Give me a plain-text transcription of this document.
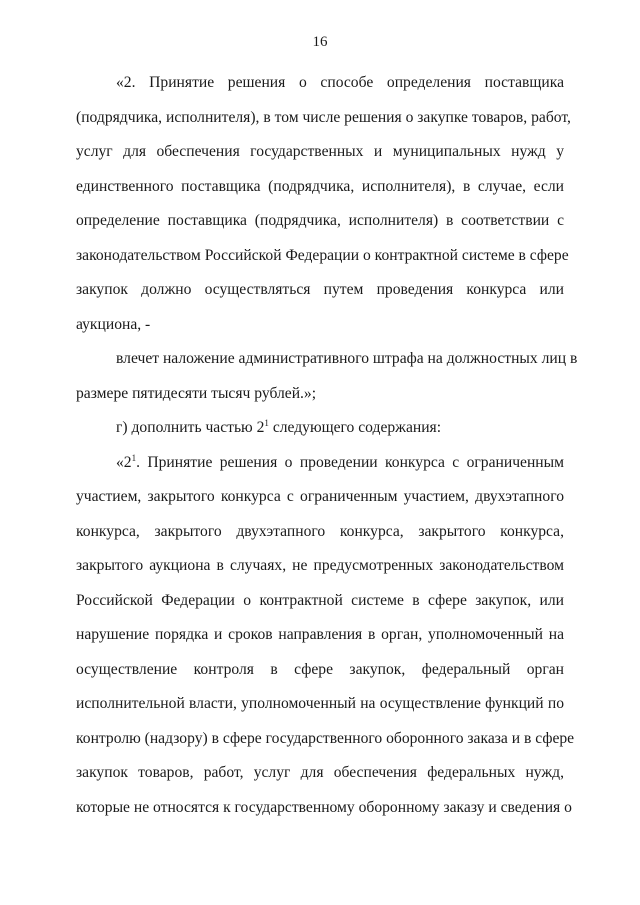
16
«2. Принятие решения о способе определения поставщика
(подрядчика, исполнителя), в том числе решения о закупке товаров, работ,
услуг для обеспечения государственных и муниципальных нужд у
единственного поставщика (подрядчика, исполнителя), в случае, если
определение поставщика (подрядчика, исполнителя) в соответствии с
законодательством Российской Федерации о контрактной системе в сфере
закупок должно осуществляться путем проведения конкурса или
аукциона, -
влечет наложение административного штрафа на должностных лиц в
размере пятидесяти тысяч рублей.»;
г) дополнить частью $2^1$ следующего содержания:
«$2^1$. Принятие решения о проведении конкурса с ограниченным
участием, закрытого конкурса с ограниченным участием, двухэтапного
конкурса, закрытого двухэтапного конкурса, закрытого конкурса,
закрытого аукциона в случаях, не предусмотренных законодательством
Российской Федерации о контрактной системе в сфере закупок, или
нарушение порядка и сроков направления в орган, уполномоченный на
осуществление контроля в сфере закупок, федеральный орган
исполнительной власти, уполномоченный на осуществление функций по
контролю (надзору) в сфере государственного оборонного заказа и в сфере
закупок товаров, работ, услуг для обеспечения федеральных нужд,
которые не относятся к государственному оборонному заказу и сведения о
